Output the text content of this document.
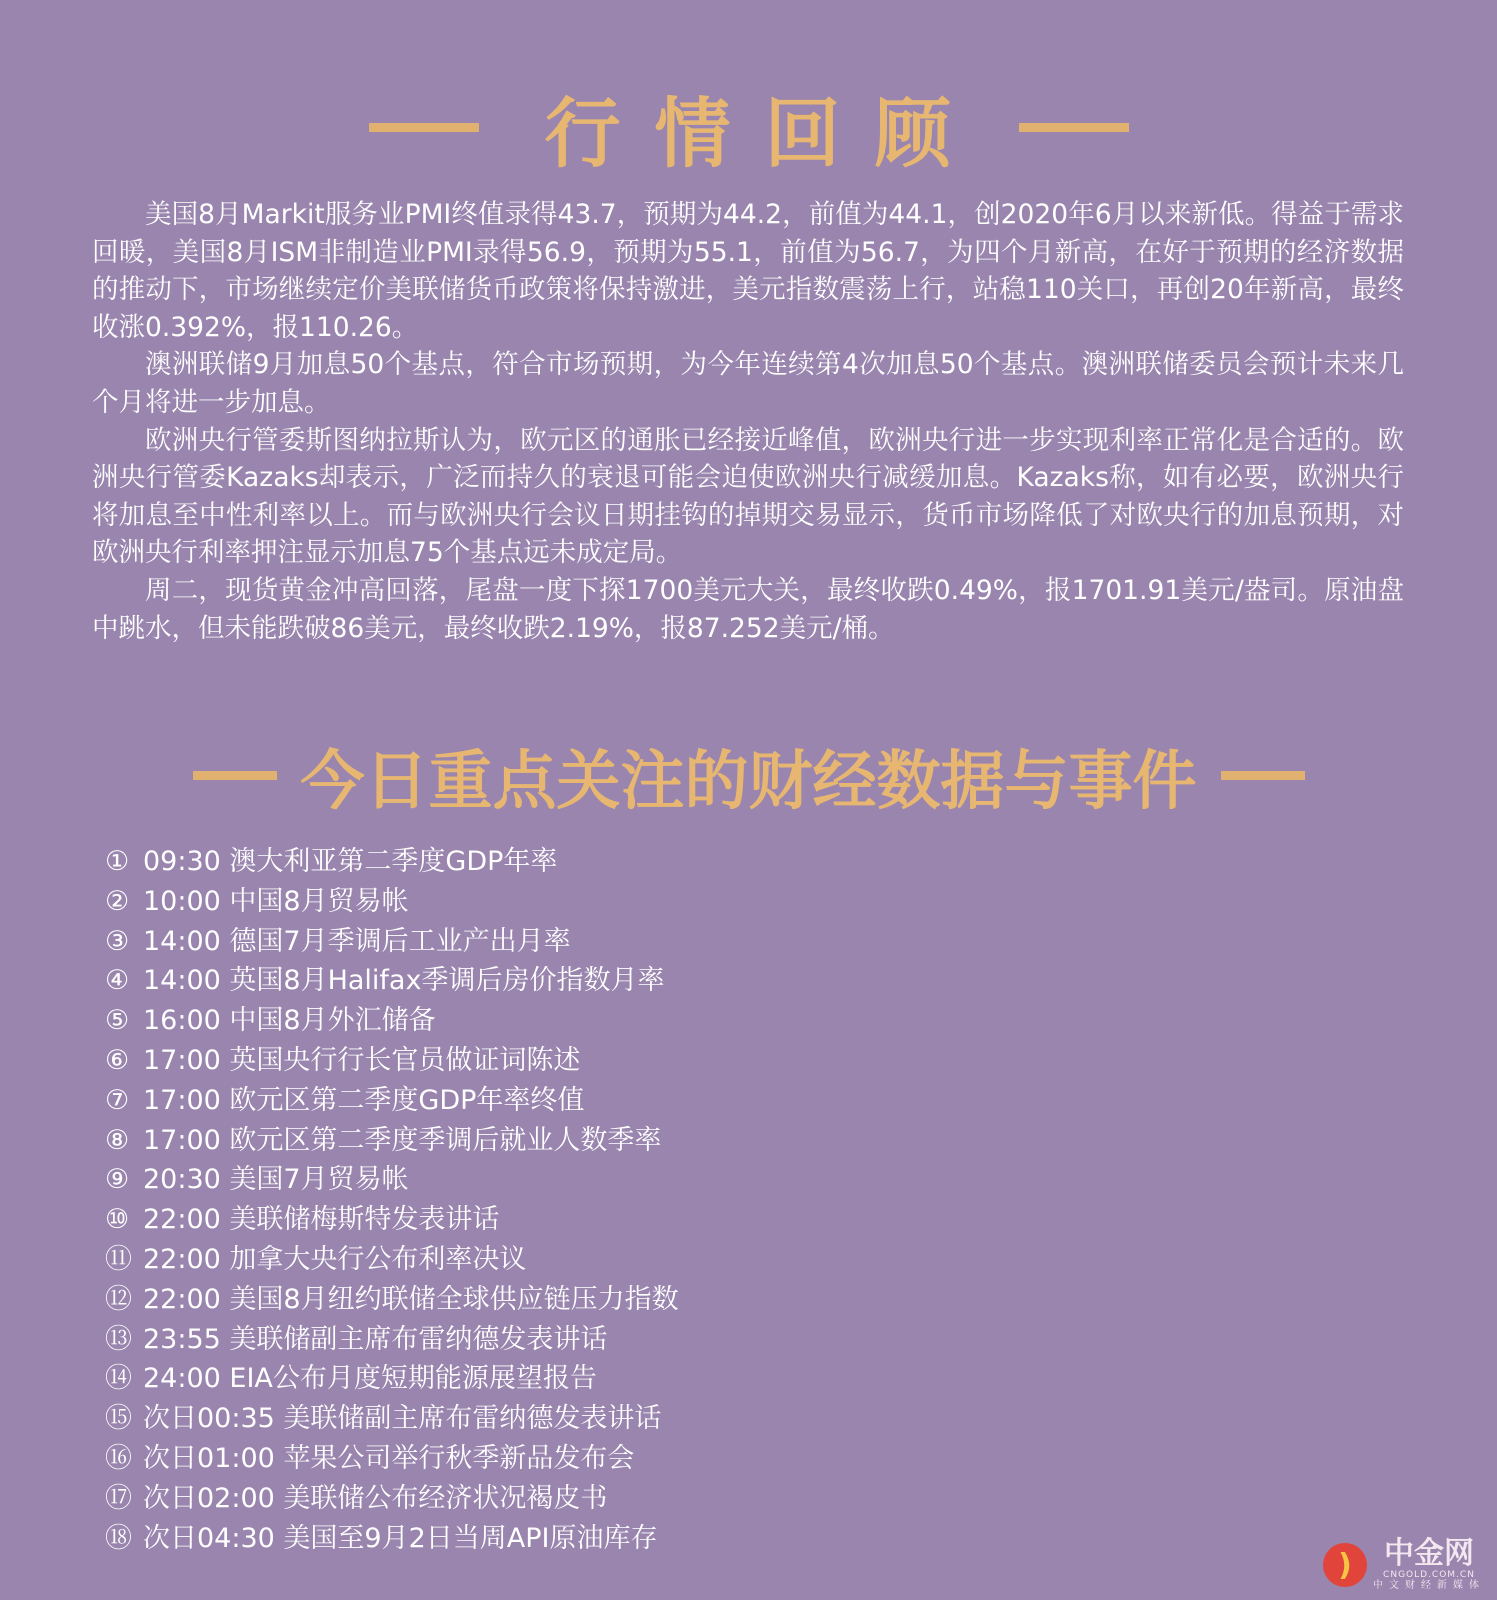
行情回顾

美国8月Markit服务业PMI终值录得43.7，预期为44.2，前值为44.1，创2020年6月以来新低。得益于需求回暖，美国8月ISM非制造业PMI录得56.9，预期为55.1，前值为56.7，为四个月新高，在好于预期的经济数据的推动下，市场继续定价美联储货币政策将保持激进，美元指数震荡上行，站稳110关口，再创20年新高，最终收涨0.392%，报110.26。

澳洲联储9月加息50个基点，符合市场预期，为今年连续第4次加息50个基点。澳洲联储委员会预计未来几个月将进一步加息。

欧洲央行管委斯图纳拉斯认为，欧元区的通胀已经接近峰值，欧洲央行进一步实现利率正常化是合适的。欧洲央行管委Kazaks却表示，广泛而持久的衰退可能会迫使欧洲央行减缓加息。Kazaks称，如有必要，欧洲央行将加息至中性利率以上。而与欧洲央行会议日期挂钩的掉期交易显示，货币市场降低了对欧央行的加息预期，对欧洲央行利率押注显示加息75个基点远未成定局。

周二，现货黄金冲高回落，尾盘一度下探1700美元大关，最终收跌0.49%，报1701.91美元/盎司。原油盘中跳水，但未能跌破86美元，最终收跌2.19%，报87.252美元/桶。

今日重点关注的财经数据与事件
① 09:30 澳大利亚第二季度GDP年率
② 10:00 中国8月贸易帐
③ 14:00 德国7月季调后工业产出月率
④ 14:00 英国8月Halifax季调后房价指数月率
⑤ 16:00 中国8月外汇储备
⑥ 17:00 英国央行行长官员做证词陈述
⑦ 17:00 欧元区第二季度GDP年率终值
⑧ 17:00 欧元区第二季度季调后就业人数季率
⑨ 20:30 美国7月贸易帐
⑩ 22:00 美联储梅斯特发表讲话
⑪ 22:00 加拿大央行公布利率决议
⑫ 22:00 美国8月纽约联储全球供应链压力指数
⑬ 23:55 美联储副主席布雷纳德发表讲话
⑭ 24:00 EIA公布月度短期能源展望报告
⑮ 次日00:35 美联储副主席布雷纳德发表讲话
⑯ 次日01:00 苹果公司举行秋季新品发布会
⑰ 次日02:00 美联储公布经济状况褐皮书
⑱ 次日04:30 美国至9月2日当周API原油库存
)	中金网
CNGOLD.COM.CN
中文财经新媒体
